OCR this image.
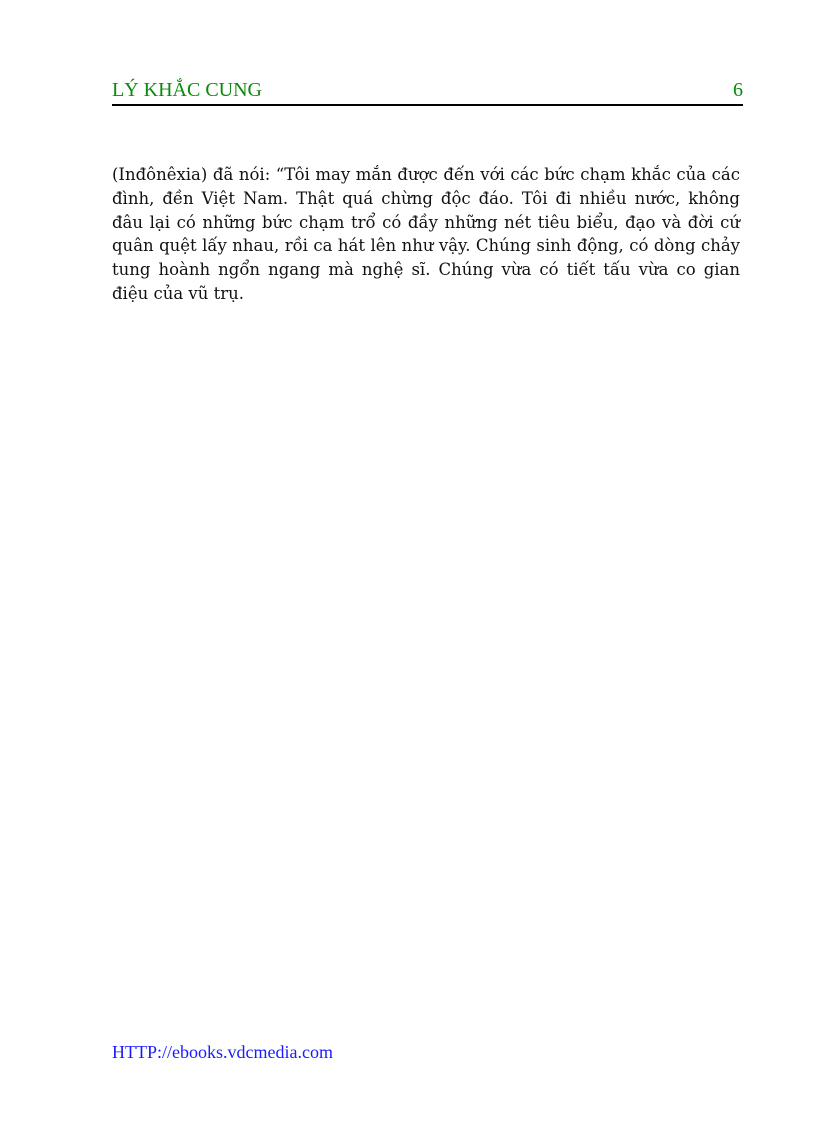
LÝ KHẮC CUNG	6

(Inđônêxia) đã nói: “Tôi may mắn được đến với các bức chạm khắc của các đình, đền Việt Nam. Thật quá chừng độc đáo. Tôi đi nhiều nước, không đâu lại có những bức chạm trổ có đầy những nét tiêu biểu, đạo và đời cứ quân quệt lấy nhau, rồi ca hát lên như vậy. Chúng sinh động, có dòng chảy tung hoành ngổn ngang mà nghệ sĩ. Chúng vừa có tiết tấu vừa co gian điệu của vũ trụ.

HTTP://ebooks.vdcmedia.com
